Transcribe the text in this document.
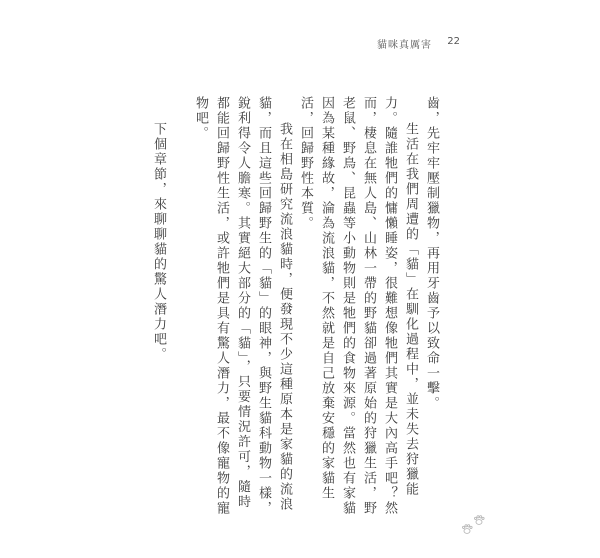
貓咪真厲害 22

齒，先牢牢壓制獵物，再用牙齒予以致命一擊。

生活在我們周遭的「貓」在馴化過程中，並未失去狩獵能力。隨誰牠們的慵懶睡姿，很難想像牠們其實是大內高手吧？然而，棲息在無人島、山林一帶的野貓卻過著原始的狩獵生活，野老鼠、野鳥、昆蟲等小動物則是牠們的食物來源。當然也有家貓因為某種緣故，淪為流浪貓，不然就是自己放棄安穩的家貓生活，回歸野性本質。

我在相島研究流浪貓時，便發現不少這種原本是家貓的流浪貓，而且這些回歸野生的「貓」的眼神，與野生貓科動物一樣，銳利得令人膽寒。其實絕大部分的「貓」，只要情況許可，隨時都能回歸野性生活，或許牠們是具有驚人潛力，最不像寵物的寵物吧。

下個章節，來聊聊貓的驚人潛力吧。
